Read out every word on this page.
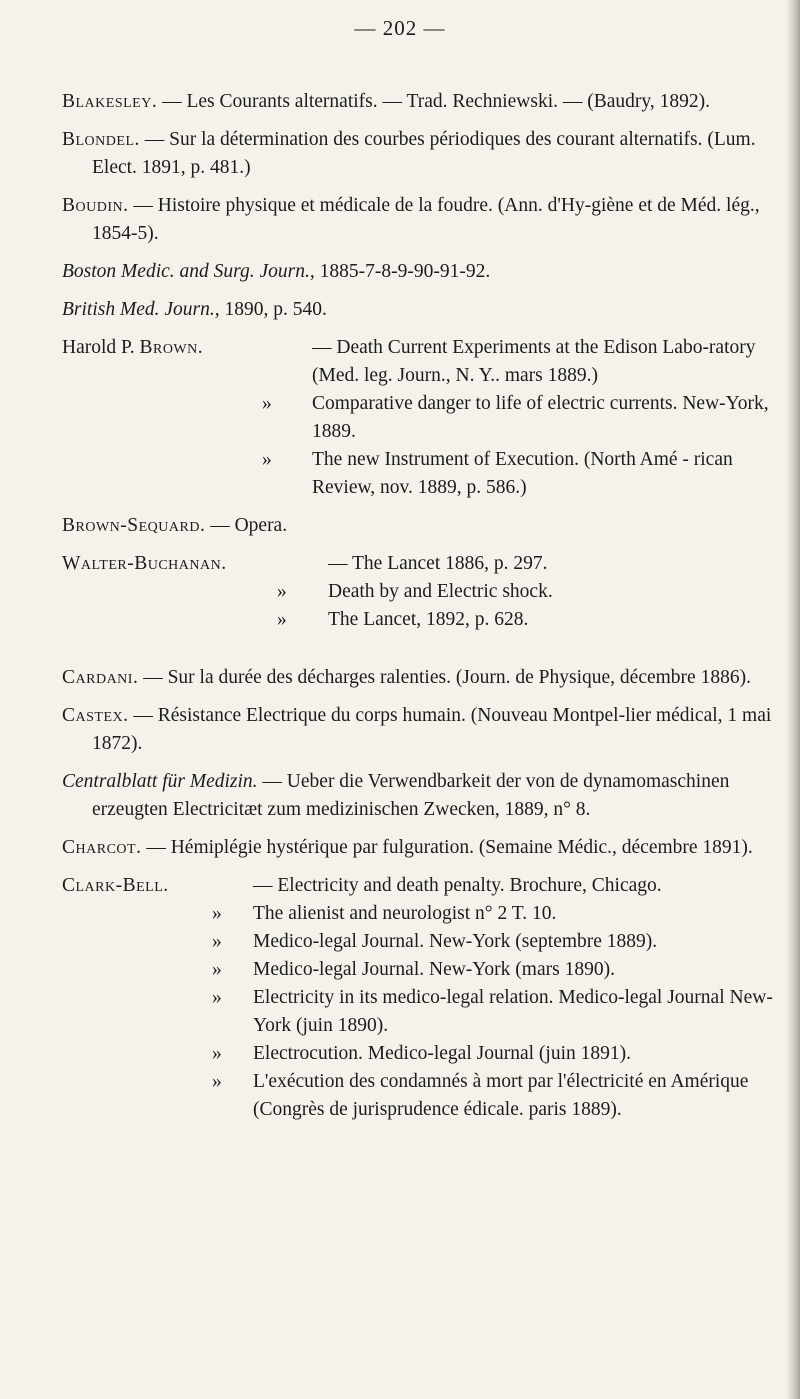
— 202 —

Blakesley. — Les Courants alternatifs. — Trad. Rechniewski. — (Baudry, 1892).

Blondel. — Sur la détermination des courbes périodiques des courant alternatifs. (Lum. Elect. 1891, p. 481.)

Boudin. — Histoire physique et médicale de la foudre. (Ann. d'Hy-giène et de Méd. lég., 1854-5).

Boston Medic. and Surg. Journ., 1885-7-8-9-90-91-92.

British Med. Journ., 1890, p. 540.

Harold P. Brown.	— Death Current Experiments at the Edison Labo-ratory (Med. leg. Journ., N. Y.. mars 1889.)
» Comparative danger to life of electric currents. New-York, 1889.
» The new Instrument of Execution. (North Amé - rican Review, nov. 1889, p. 586.)

Brown-Sequard. — Opera.

Walter-Buchanan.	— The Lancet 1886, p. 297.
» Death by and Electric shock.
» The Lancet, 1892, p. 628.

Cardani. — Sur la durée des décharges ralenties. (Journ. de Physique, décembre 1886).

Castex. — Résistance Electrique du corps humain. (Nouveau Montpel-lier médical, 1 mai 1872).

Centralblatt für Medizin. — Ueber die Verwendbarkeit der von de dynamomaschinen erzeugten Electricitæt zum medizinischen Zwecken, 1889, n° 8.

Charcot. — Hémiplégie hystérique par fulguration. (Semaine Médic., décembre 1891).

Clark-Bell.	— Electricity and death penalty. Brochure, Chicago.
» The alienist and neurologist n° 2 T. 10.
» Medico-legal Journal. New-York (septembre 1889).
» Medico-legal Journal. New-York (mars 1890).
» Electricity in its medico-legal relation. Medico-legal Journal New-York (juin 1890).
» Electrocution. Medico-legal Journal (juin 1891).
» L'exécution des condamnés à mort par l'électricité en Amérique (Congrès de jurisprudence édicale. paris 1889).
